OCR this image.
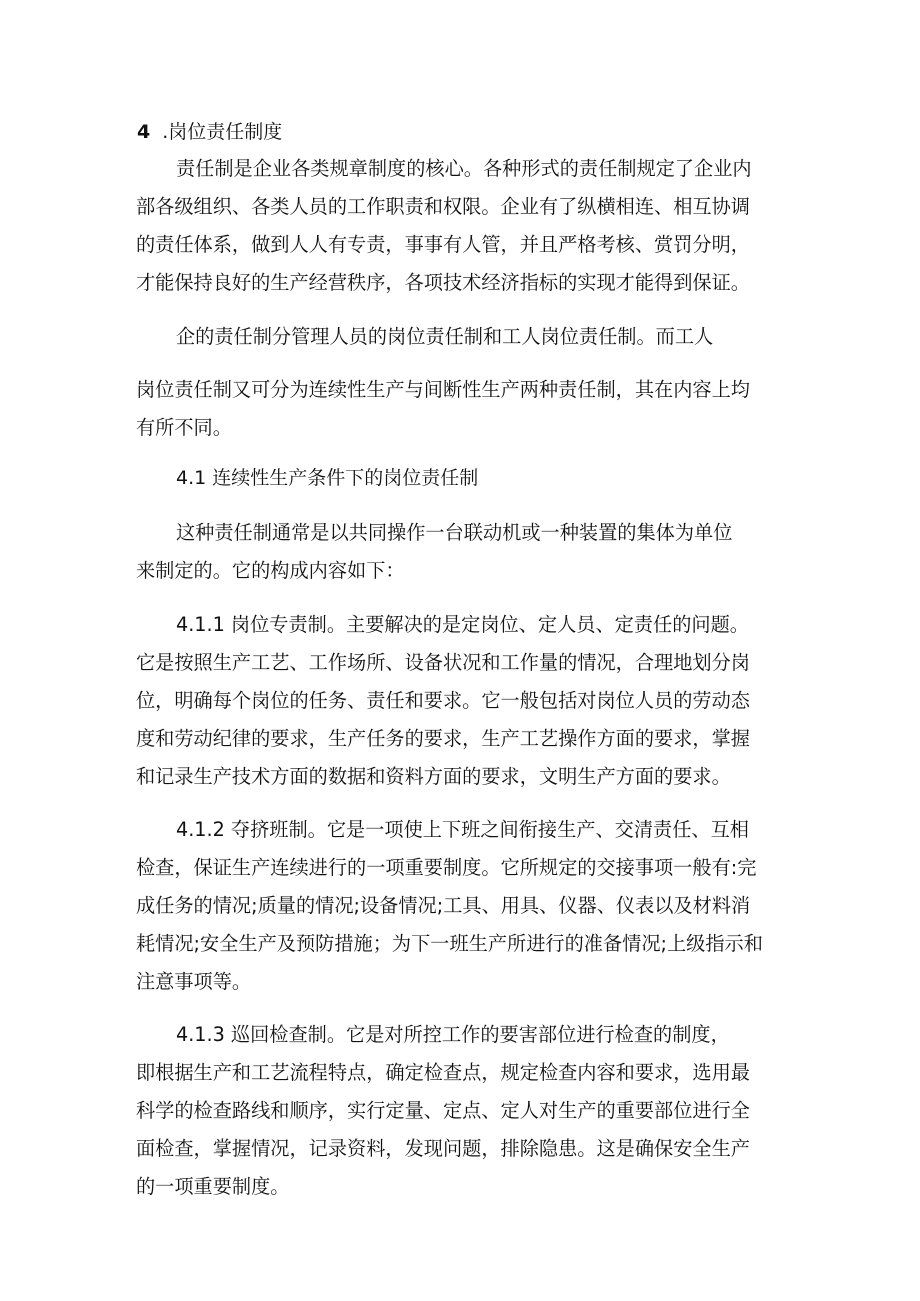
4 .岗位责任制度
责任制是企业各类规章制度的核心。各种形式的责任制规定了企业内
部各级组织、各类人员的工作职责和权限。企业有了纵横相连、相互协调
的责任体系，做到人人有专责，事事有人管，并且严格考核、赏罚分明，
才能保持良好的生产经营秩序，各项技术经济指标的实现才能得到保证。
企的责任制分管理人员的岗位责任制和工人岗位责任制。而工人
岗位责任制又可分为连续性生产与间断性生产两种责任制，其在内容上均
有所不同。
4.1 连续性生产条件下的岗位责任制
这种责任制通常是以共同操作一台联动机或一种装置的集体为单位
来制定的。它的构成内容如下：
4.1.1 岗位专责制。主要解决的是定岗位、定人员、定责任的问题。
它是按照生产工艺、工作场所、设备状况和工作量的情况，合理地划分岗
位，明确每个岗位的任务、责任和要求。它一般包括对岗位人员的劳动态
度和劳动纪律的要求，生产任务的要求，生产工艺操作方面的要求，掌握
和记录生产技术方面的数据和资料方面的要求，文明生产方面的要求。
4.1.2 夺挤班制。它是一项使上下班之间衔接生产、交清责任、互相
检查，保证生产连续进行的一项重要制度。它所规定的交接事项一般有:完
成任务的情况;质量的情况;设备情况;工具、用具、仪器、仪表以及材料消
耗情况;安全生产及预防措施；为下一班生产所进行的准备情况;上级指示和
注意事项等。
4.1.3 巡回检查制。它是对所控工作的要害部位进行检查的制度，
即根据生产和工艺流程特点，确定检查点，规定检查内容和要求，选用最
科学的检查路线和顺序，实行定量、定点、定人对生产的重要部位进行全
面检查，掌握情况，记录资料，发现问题，排除隐患。这是确保安全生产
的一项重要制度。
